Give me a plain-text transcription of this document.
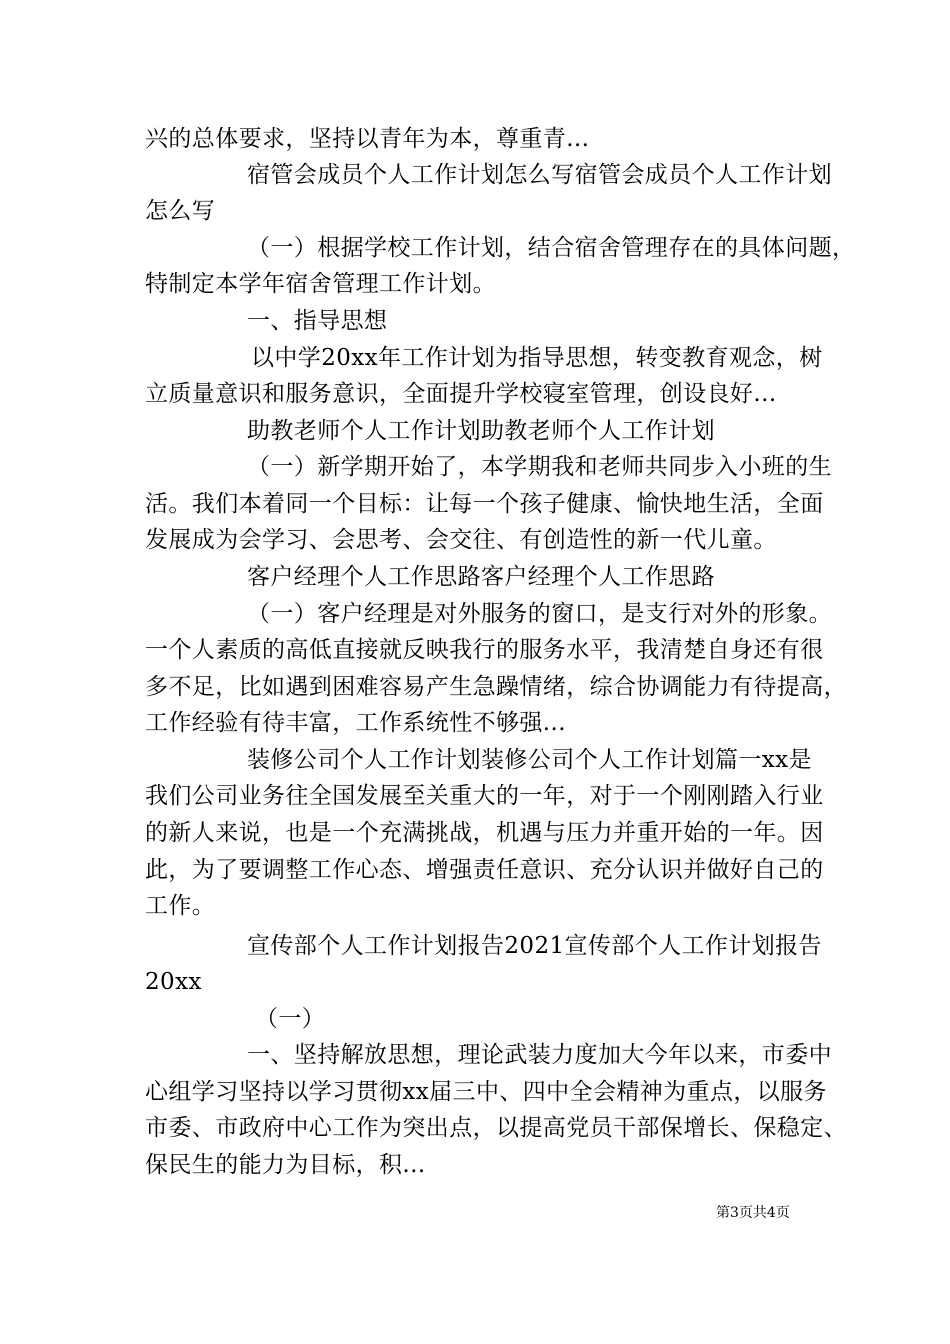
兴的总体要求，坚持以青年为本，尊重青...
宿管会成员个人工作计划怎么写宿管会成员个人工作计划
怎么写
（一）根据学校工作计划，结合宿舍管理存在的具体问题，
特制定本学年宿舍管理工作计划。
一、指导思想
以中学20xx年工作计划为指导思想，转变教育观念，树
立质量意识和服务意识，全面提升学校寝室管理，创设良好...
助教老师个人工作计划助教老师个人工作计划
（一）新学期开始了，本学期我和老师共同步入小班的生
活。我们本着同一个目标：让每一个孩子健康、愉快地生活，全面
发展成为会学习、会思考、会交往、有创造性的新一代儿童。
客户经理个人工作思路客户经理个人工作思路
（一）客户经理是对外服务的窗口，是支行对外的形象。
一个人素质的高低直接就反映我行的服务水平，我清楚自身还有很
多不足，比如遇到困难容易产生急躁情绪，综合协调能力有待提高，
工作经验有待丰富，工作系统性不够强...
装修公司个人工作计划装修公司个人工作计划篇一xx是
我们公司业务往全国发展至关重大的一年，对于一个刚刚踏入行业
的新人来说，也是一个充满挑战，机遇与压力并重开始的一年。因
此，为了要调整工作心态、增强责任意识、充分认识并做好自己的
工作。
宣传部个人工作计划报告2021宣传部个人工作计划报告
20xx
（一）
一、坚持解放思想，理论武装力度加大今年以来，市委中
心组学习坚持以学习贯彻xx届三中、四中全会精神为重点，以服务
市委、市政府中心工作为突出点，以提高党员干部保增长、保稳定、
保民生的能力为目标，积...
第3页共4页
